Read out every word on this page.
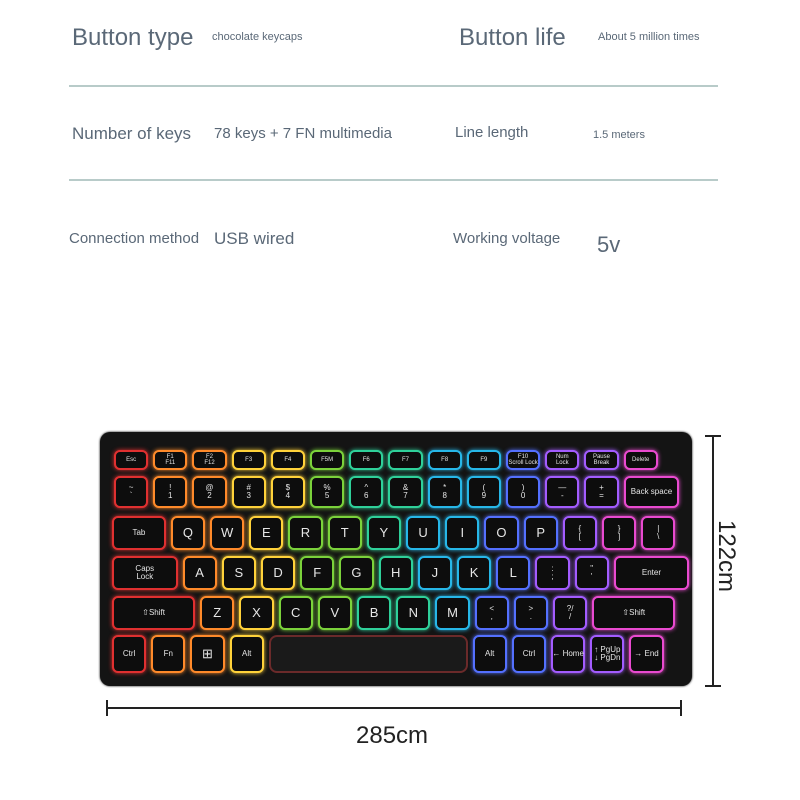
Button type chocolate keycaps	Button life	About 5 million times
Number of keys 78 keys + 7 FN multimedia	Line length	1.5 meters
Connection method USB wired	Working voltage 5v
Esc
F1
F11
F2
F12
F3	F4	F5M	F6	F7	F8	F9
F10
Scroll Lock
Num
Lock
Pause
Break
Delete
~
`
!
1
@
2
#
3
$
4
%
5
^
6
&
7
*
8
(
9
)
0
—
-
+
=	Back space
Tab	Q	W	E	R	T	Y	U	I	O	P	{
[
}
]
|
\
Caps
Lock	A	S	D	F	G	H	J	K	L	:
;
"
'	Enter
⇧Shift	Z	X	C	V	B	N	M	<
,
>
.
?/
/	⇧Shift
Ctrl	Fn	⊞	Alt	Alt	Ctrl	← Home	↑ PgUp
↓ PgDn	→ End
285cm
122cm
